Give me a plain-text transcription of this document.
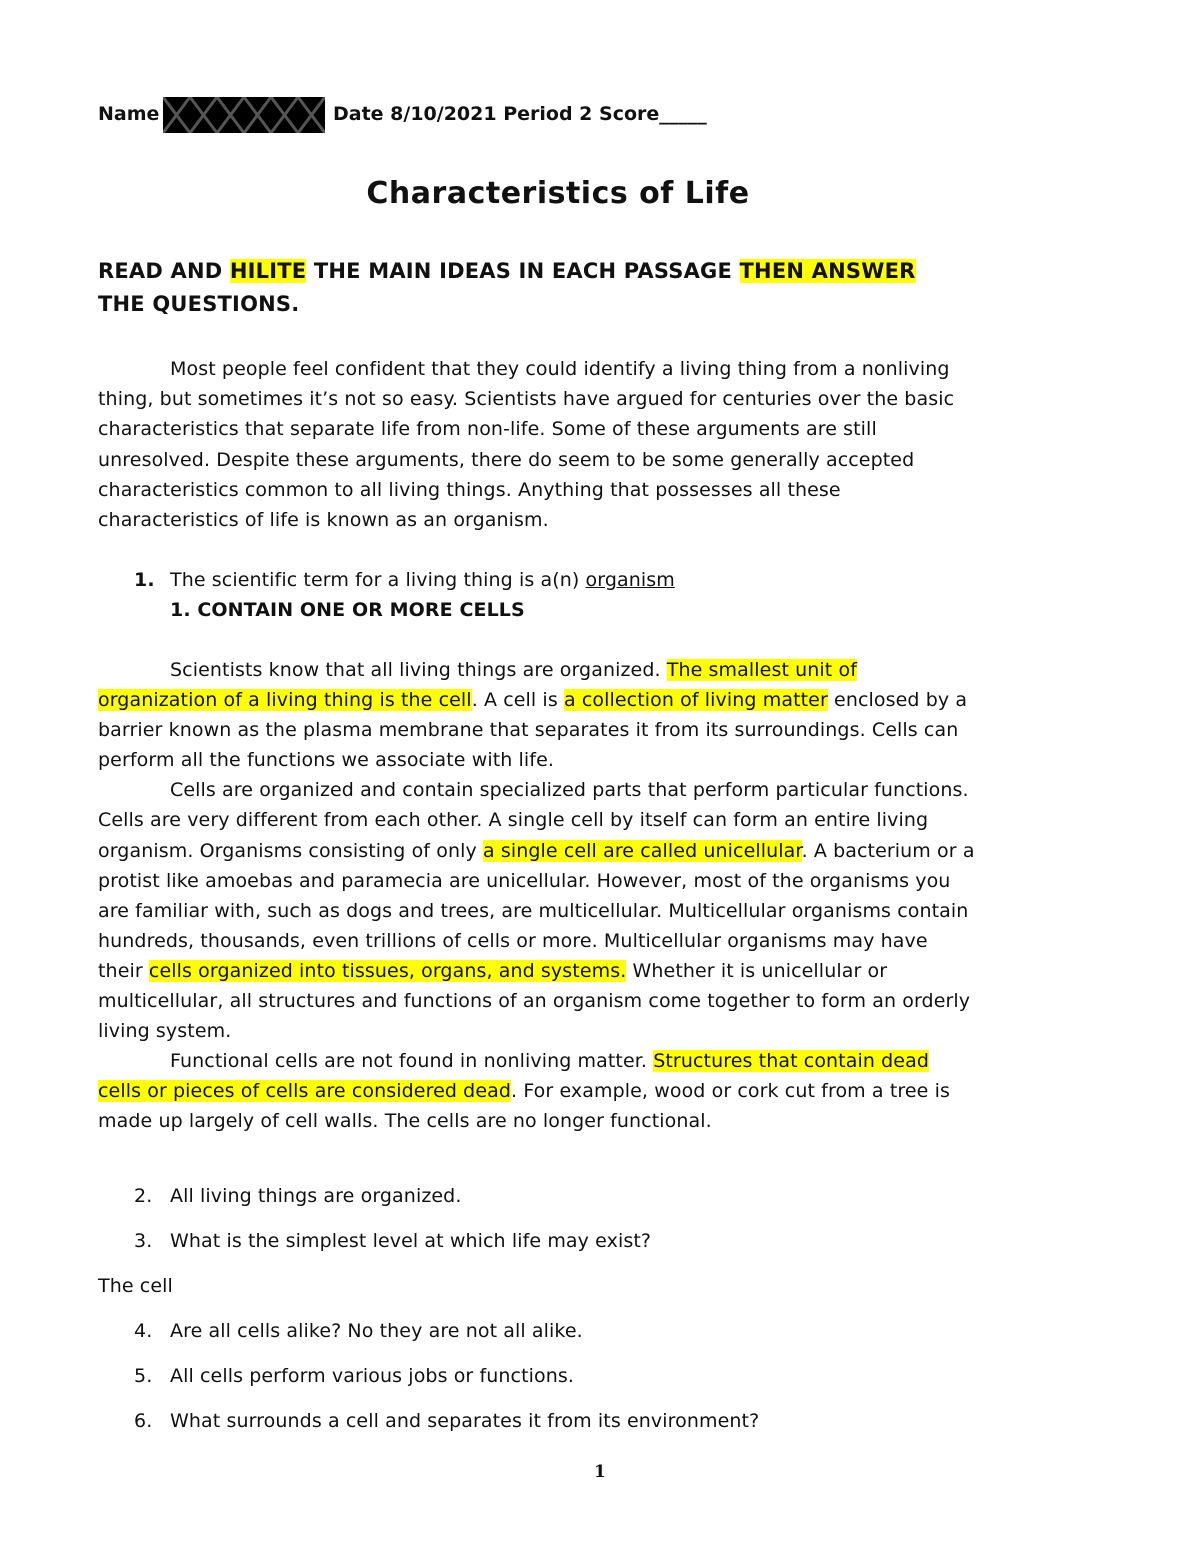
Name	Date 8/10/2021 Period 2 Score_____
Characteristics of Life
READ AND HILITE THE MAIN IDEAS IN EACH PASSAGE THEN ANSWER
THE QUESTIONS.
Most people feel confident that they could identify a living thing from a nonliving
thing, but sometimes it’s not so easy. Scientists have argued for centuries over the basic
characteristics that separate life from non-life. Some of these arguments are still
unresolved. Despite these arguments, there do seem to be some generally accepted
characteristics common to all living things. Anything that possesses all these
characteristics of life is known as an organism.
1. The scientific term for a living thing is a(n) organism
1. CONTAIN ONE OR MORE CELLS
Scientists know that all living things are organized. The smallest unit of
organization of a living thing is the cell. A cell is a collection of living matter enclosed by a
barrier known as the plasma membrane that separates it from its surroundings. Cells can
perform all the functions we associate with life.
Cells are organized and contain specialized parts that perform particular functions.
Cells are very different from each other. A single cell by itself can form an entire living
organism. Organisms consisting of only a single cell are called unicellular. A bacterium or a
protist like amoebas and paramecia are unicellular. However, most of the organisms you
are familiar with, such as dogs and trees, are multicellular. Multicellular organisms contain
hundreds, thousands, even trillions of cells or more. Multicellular organisms may have
their cells organized into tissues, organs, and systems. Whether it is unicellular or
multicellular, all structures and functions of an organism come together to form an orderly
living system.
Functional cells are not found in nonliving matter. Structures that contain dead
cells or pieces of cells are considered dead. For example, wood or cork cut from a tree is
made up largely of cell walls. The cells are no longer functional.
2. All living things are organized.
3. What is the simplest level at which life may exist?
The cell
4. Are all cells alike? No they are not all alike.
5. All cells perform various jobs or functions.
6. What surrounds a cell and separates it from its environment?
1
